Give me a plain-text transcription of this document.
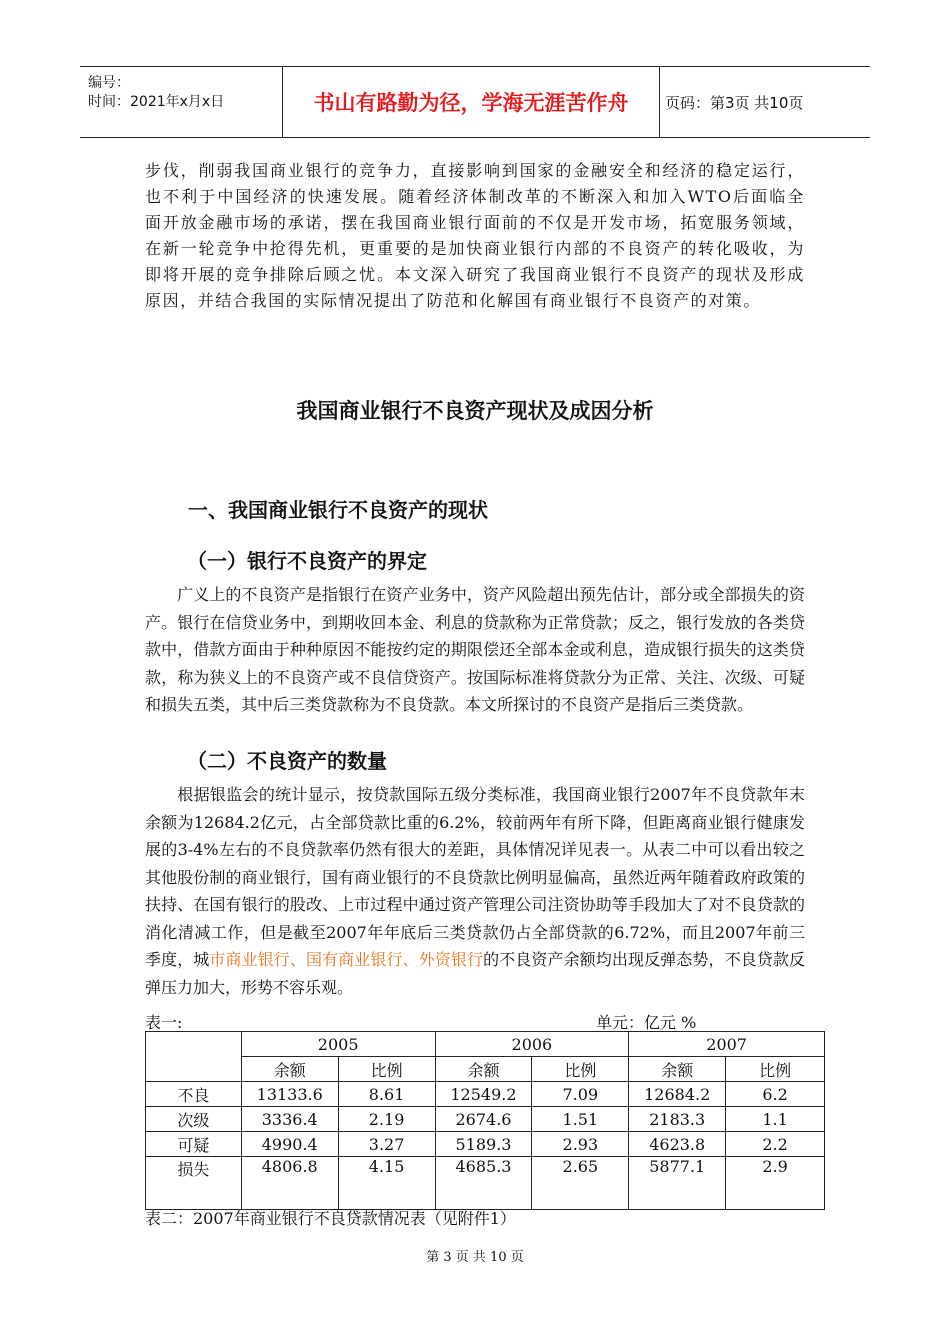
编号：
时间：2021年x月x日	书山有路勤为径，学海无涯苦作舟	页码：第3页 共10页
步伐，削弱我国商业银行的竞争力，直接影响到国家的金融安全和经济的稳定运行，也不利于中国经济的快速发展。随着经济体制改革的不断深入和加入WTO后面临全面开放金融市场的承诺，摆在我国商业银行面前的不仅是开发市场，拓宽服务领域，在新一轮竞争中抢得先机，更重要的是加快商业银行内部的不良资产的转化吸收，为即将开展的竞争排除后顾之忧。本文深入研究了我国商业银行不良资产的现状及形成原因，并结合我国的实际情况提出了防范和化解国有商业银行不良资产的对策。
我国商业银行不良资产现状及成因分析
一、我国商业银行不良资产的现状
（一）银行不良资产的界定
广义上的不良资产是指银行在资产业务中，资产风险超出预先估计，部分或全部损失的资产。银行在信贷业务中，到期收回本金、利息的贷款称为正常贷款；反之，银行发放的各类贷款中，借款方面由于种种原因不能按约定的期限偿还全部本金或利息，造成银行损失的这类贷款，称为狭义上的不良资产或不良信贷资产。按国际标准将贷款分为正常、关注、次级、可疑和损失五类，其中后三类贷款称为不良贷款。本文所探讨的不良资产是指后三类贷款。
（二）不良资产的数量
根据银监会的统计显示，按贷款国际五级分类标准，我国商业银行2007年不良贷款年末余额为12684.2亿元，占全部贷款比重的6.2%，较前两年有所下降，但距离商业银行健康发展的3-4%左右的不良贷款率仍然有很大的差距，具体情况详见表一。从表二中可以看出较之其他股份制的商业银行，国有商业银行的不良贷款比例明显偏高，虽然近两年随着政府政策的扶持、在国有银行的股改、上市过程中通过资产管理公司注资协助等手段加大了对不良贷款的消化清减工作，但是截至2007年年底后三类贷款仍占全部贷款的6.72%，而且2007年前三季度，城市商业银行、国有商业银行、外资银行的不良资产余额均出现反弹态势，不良贷款反弹压力加大，形势不容乐观。
表一:	单元：亿元 %
	2005		2006		2007	
	余额	比例	余额	比例	余额	比例
不良	13133.6	8.61	12549.2	7.09	12684.2	6.2
次级	3336.4	2.19	2674.6	1.51	2183.3	1.1
可疑	4990.4	3.27	5189.3	2.93	4623.8	2.2
损失	4806.8	4.15	4685.3	2.65	5877.1	2.9
表二：2007年商业银行不良贷款情况表（见附件1）
第 3 页 共 10 页
